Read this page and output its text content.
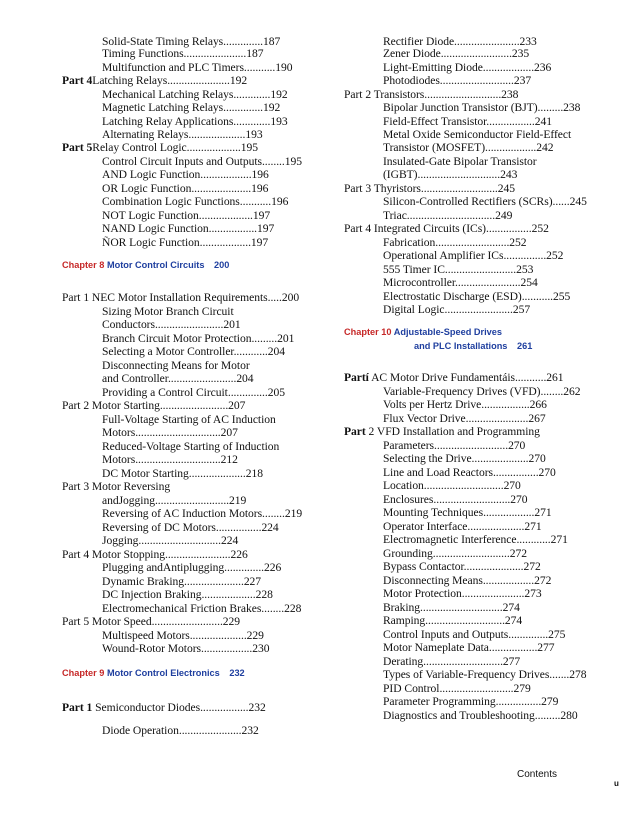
Solid-State Timing Relays..............187
Timing Functions......................187
Multifunction and PLC Timers...........190
Part 4Latching Relays......................192
Mechanical Latching Relays.............192
Magnetic Latching Relays..............192
Latching Relay Applications.............193
Alternating Relays....................193
Part 5Relay Control Logic...................195
Control Circuit Inputs and Outputs........195
AND Logic Function..................196
OR Logic Function.....................196
Combination Logic Functions...........196
NOT Logic Function...................197
NAND Logic Function.................197
ÑOR Logic Function..................197
Chapter 8 Motor Control Circuits 200
Part 1 NEC Motor Installation Requirements.....200
Sizing Motor Branch Circuit
Conductors........................201
Branch Circuit Motor Protection.........201
Selecting a Motor Controller............204
Disconnecting Means for Motor
and Controller........................204
Providing a Control Circuit..............205
Part 2 Motor Starting........................207
Full-Voltage Starting of AC Induction
Motors..............................207
Reduced-Voltage Starting of Induction
Motors..............................212
DC Motor Starting....................218
Part 3 Motor Reversing
andJogging..........................219
Reversing of AC Induction Motors........219
Reversing of DC Motors................224
Jogging.............................224
Part 4 Motor Stopping.......................226
Plugging andAntiplugging..............226
Dynamic Braking.....................227
DC Injection Braking...................228
Electromechanical Friction Brakes........228
Part 5 Motor Speed.........................229
Multispeed Motors....................229
Wound-Rotor Motors..................230
Chapter 9 Motor Control Electronics 232
Part 1 Semiconductor Diodes.................232
Diode Operation......................232
Rectifier Diode.......................233
Zener Diode.........................235
Light-Emitting Diode..................236
Photodiodes..........................237
Part 2 Transistors...........................238
Bipolar Junction Transistor (BJT).........238
Field-Effect Transistor.................241
Metal Oxide Semiconductor Field-Effect
Transistor (MOSFET)..................242
Insulated-Gate Bipolar Transistor
(IGBT).............................243
Part 3 Thyristors...........................245
Silicon-Controlled Rectifiers (SCRs)......245
Triac...............................249
Part 4 Integrated Circuits (ICs)................252
Fabrication..........................252
Operational Amplifier ICs...............252
555 Timer IC.........................253
Microcontroller.......................254
Electrostatic Discharge (ESD)...........255
Digital Logic........................257
Chapter 10 Adjustable-Speed Drives
and PLC Installations 261
Partí AC Motor Drive Fundamentáis...........261
Variable-Frequency Drives (VFD)........262
Volts per Hertz Drive.................266
Flux Vector Drive......................267
Part 2 VFD Installation and Programming
Parameters..........................270
Selecting the Drive....................270
Line and Load Reactors................270
Location............................270
Enclosures...........................270
Mounting Techniques..................271
Operator Interface....................271
Electromagnetic Interference............271
Grounding...........................272
Bypass Contactor.....................272
Disconnecting Means..................272
Motor Protection......................273
Braking.............................274
Ramping............................274
Control Inputs and Outputs..............275
Motor Nameplate Data.................277
Derating............................277
Types of Variable-Frequency Drives.......278
PID Control..........................279
Parameter Programming................279
Diagnostics and Troubleshooting.........280
Contents
u
